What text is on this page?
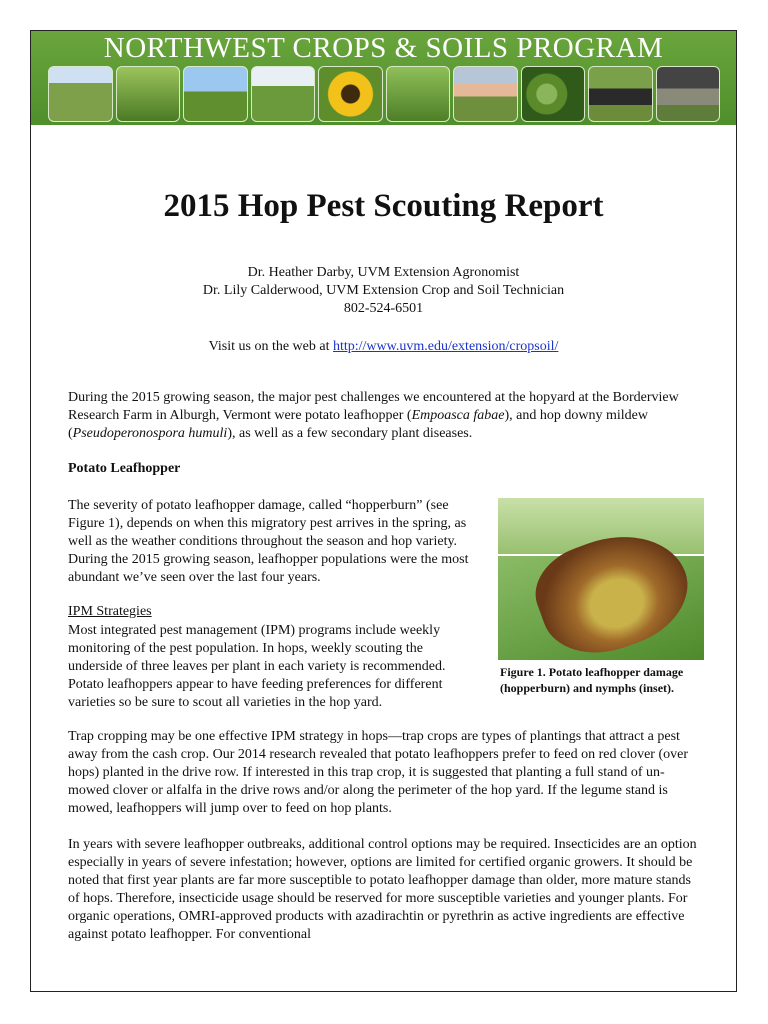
NORTHWEST CROPS & SOILS PROGRAM
2015 Hop Pest Scouting Report
Dr. Heather Darby, UVM Extension Agronomist
Dr. Lily Calderwood, UVM Extension Crop and Soil Technician
802-524-6501
Visit us on the web at http://www.uvm.edu/extension/cropsoil/
During the 2015 growing season, the major pest challenges we encountered at the hopyard at the Borderview Research Farm in Alburgh, Vermont were potato leafhopper (Empoasca fabae), and hop downy mildew (Pseudoperonospora humuli), as well as a few secondary plant diseases.
Potato Leafhopper
The severity of potato leafhopper damage, called “hopperburn” (see Figure 1), depends on when this migratory pest arrives in the spring, as well as the weather conditions throughout the season and hop variety. During the 2015 growing season, leafhopper populations were the most abundant we’ve seen over the last four years.
Figure 1. Potato leafhopper damage (hopperburn) and nymphs (inset).
IPM Strategies
Most integrated pest management (IPM) programs include weekly monitoring of the pest population. In hops, weekly scouting the underside of three leaves per plant in each variety is recommended. Potato leafhoppers appear to have feeding preferences for different varieties so be sure to scout all varieties in the hop yard.
Trap cropping may be one effective IPM strategy in hops—trap crops are types of plantings that attract a pest away from the cash crop. Our 2014 research revealed that potato leafhoppers prefer to feed on red clover (over hops) planted in the drive row. If interested in this trap crop, it is suggested that planting a full stand of un-mowed clover or alfalfa in the drive rows and/or along the perimeter of the hop yard. If the legume stand is mowed, leafhoppers will jump over to feed on hop plants.
In years with severe leafhopper outbreaks, additional control options may be required. Insecticides are an option especially in years of severe infestation; however, options are limited for certified organic growers. It should be noted that first year plants are far more susceptible to potato leafhopper damage than older, more mature stands of hops. Therefore, insecticide usage should be reserved for more susceptible varieties and younger plants. For organic operations, OMRI-approved products with azadirachtin or pyrethrin as active ingredients are effective against potato leafhopper. For conventional
